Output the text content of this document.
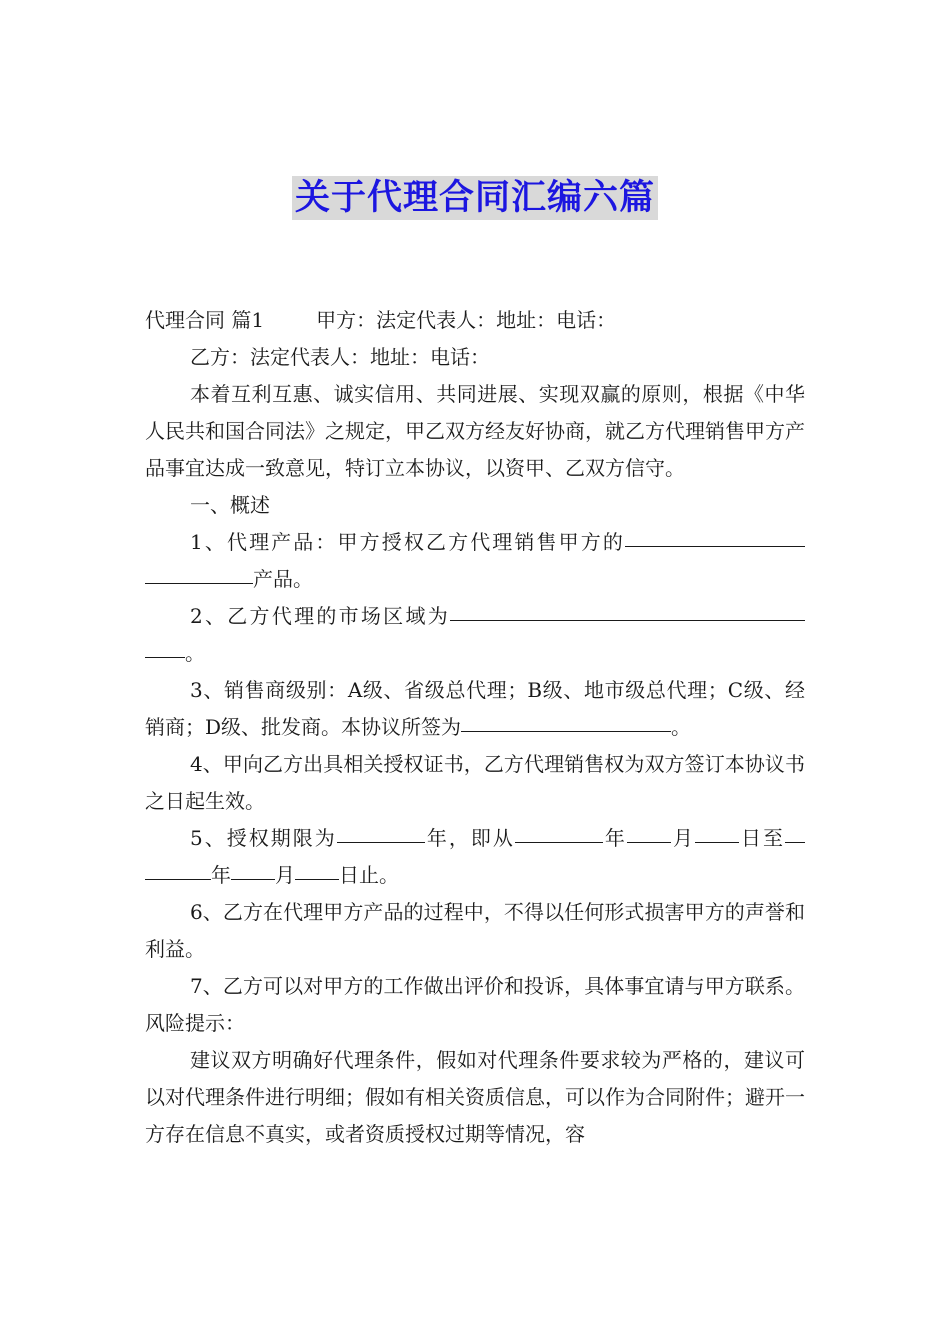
关于代理合同汇编六篇

代理合同 篇1	甲方：法定代表人：地址：电话：

乙方：法定代表人：地址：电话：

本着互利互惠、诚实信用、共同进展、实现双赢的原则，根据《中华人民共和国合同法》之规定，甲乙双方经友好协商，就乙方代理销售甲方产品事宜达成一致意见，特订立本协议，以资甲、乙双方信守。

一、概述

1、代理产品：甲方授权乙方代理销售甲方的产品。

2、乙方代理的市场区域为。

3、销售商级别：A级、省级总代理；B级、地市级总代理；C级、经销商；D级、批发商。本协议所签为	。

4、甲向乙方出具相关授权证书，乙方代理销售权为双方签订本协议书之日起生效。

5、授权期限为	年，即从	年 月 日至年 月 日止。

6、乙方在代理甲方产品的过程中，不得以任何形式损害甲方的声誉和利益。

7、乙方可以对甲方的工作做出评价和投诉，具体事宜请与甲方联系。风险提示：

建议双方明确好代理条件，假如对代理条件要求较为严格的，建议可以对代理条件进行明细；假如有相关资质信息，可以作为合同附件；避开一方存在信息不真实，或者资质授权过期等情况，容
